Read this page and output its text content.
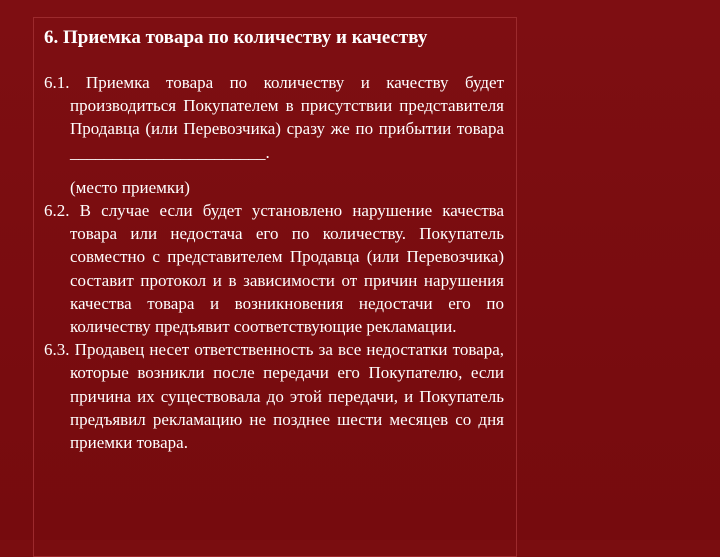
6. Приемка товара по количеству и качеству

6.1. Приемка товара по количеству и качеству будет производиться Покупателем в присутствии представителя Продавца (или Перевозчика) сразу же по прибытии товара _______________________.

(место приемки)

6.2. В случае если будет установлено нарушение качества товара или недостача его по количеству. Покупатель совместно с представителем Продавца (или Перевозчика) составит протокол и в зависимости от причин нарушения качества товара и возникновения недостачи его по количеству предъявит соответствующие рекламации.

6.3. Продавец несет ответственность за все недостатки товара, которые возникли после передачи его Покупателю, если причина их существовала до этой передачи, и Покупатель предъявил рекламацию не позднее шести месяцев со дня приемки товара.
